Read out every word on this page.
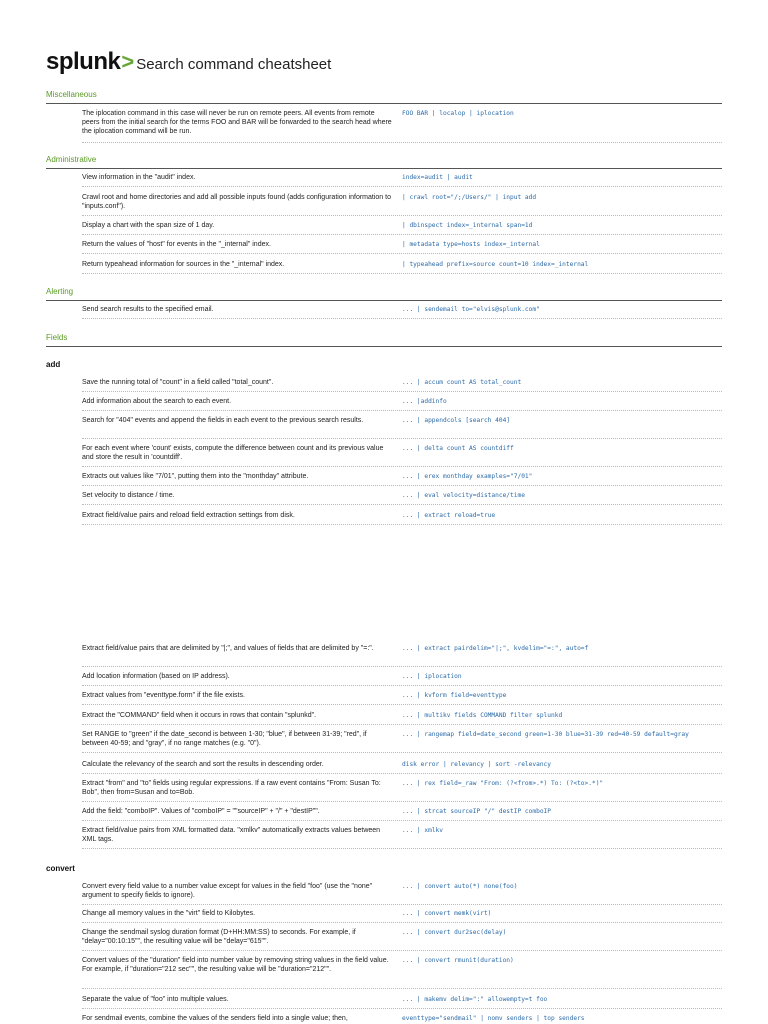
splunk > Search command cheatsheet
Miscellaneous
Administrative
Alerting
Fields
add
convert
The iplocation command in this case will never be run on remote peers. All events from remote peers from the initial search for the terms FOO and BAR will be forwarded to the search head where the iplocation command will be run.
FOO BAR | localop | iplocation
View information in the "audit" index.	index=audit | audit
Crawl root and home directories and add all possible inputs found (adds configuration information to "inputs.conf").
| crawl root="/;/Users/" | input add
Display a chart with the span size of 1 day.	| dbinspect index=_internal span=1d
Return the values of "host" for events in the "_internal" index.	| metadata type=hosts index=_internal
Return typeahead information for sources in the "_internal" index.	| typeahead prefix=source count=10 index=_internal
Send search results to the specified email.	... | sendemail to="elvis@splunk.com"
Save the running total of "count" in a field called "total_count".	... | accum count AS total_count
Add information about the search to each event.	... |addinfo
Search for "404" events and append the fields in each event to the previous search results.	... | appendcols [search 404]
For each event where 'count' exists, compute the difference between count and its previous value and store the result in 'countdiff'.
... | delta count AS countdiff
Extracts out values like "7/01", putting them into the "monthday" attribute.	... | erex monthday examples="7/01"
Set velocity to distance / time.	... | eval velocity=distance/time
Extract field/value pairs and reload field extraction settings from disk.	... | extract reload=true
Extract field/value pairs that are delimited by "|;", and values of fields that are delimited by "=:".	... | extract pairdelim="|;", kvdelim="=:", auto=f
Add location information (based on IP address).	... | iplocation
Extract values from "eventtype.form" if the file exists.	... | kvform field=eventtype
Extract the "COMMAND" field when it occurs in rows that contain "splunkd".	... | multikv fields COMMAND filter splunkd
Set RANGE to "green" if the date_second is between 1-30; "blue", if between 31-39; "red", if between 40-59; and "gray", if no range matches (e.g. "0").
... | rangemap field=date_second green=1-30 blue=31-39 red=40-59 default=gray
Calculate the relevancy of the search and sort the results in descending order.	disk error | relevancy | sort -relevancy
Extract "from" and "to" fields using regular expressions. If a raw event contains "From: Susan To: Bob", then from=Susan and to=Bob.
... | rex field=_raw "From: (?<from>.*) To: (?<to>.*)"
Add the field: "comboIP". Values of "comboIP" = ""sourceIP" + "/" + "destIP"".	... | strcat sourceIP "/" destIP comboIP
Extract field/value pairs from XML formatted data. "xmlkv" automatically extracts values between XML tags.
... | xmlkv
Convert every field value to a number value except for values in the field "foo" (use the "none" argument to specify fields to ignore).
... | convert auto(*) none(foo)
Change all memory values in the "virt" field to Kilobytes.	... | convert memk(virt)
Change the sendmail syslog duration format (D+HH:MM:SS) to seconds. For example, if "delay="00:10:15"", the resulting value will be "delay="615"".
... | convert dur2sec(delay)
Convert values of the "duration" field into number value by removing string values in the field value. For example, if "duration="212 sec"", the resulting value will be "duration="212"".
... | convert rmunit(duration)
Separate the value of "foo" into multiple values.	... | makemv delim=":" allowempty=t foo
For sendmail events, combine the values of the senders field into a single value; then,	eventtype="sendmail" | nomv senders | top senders
